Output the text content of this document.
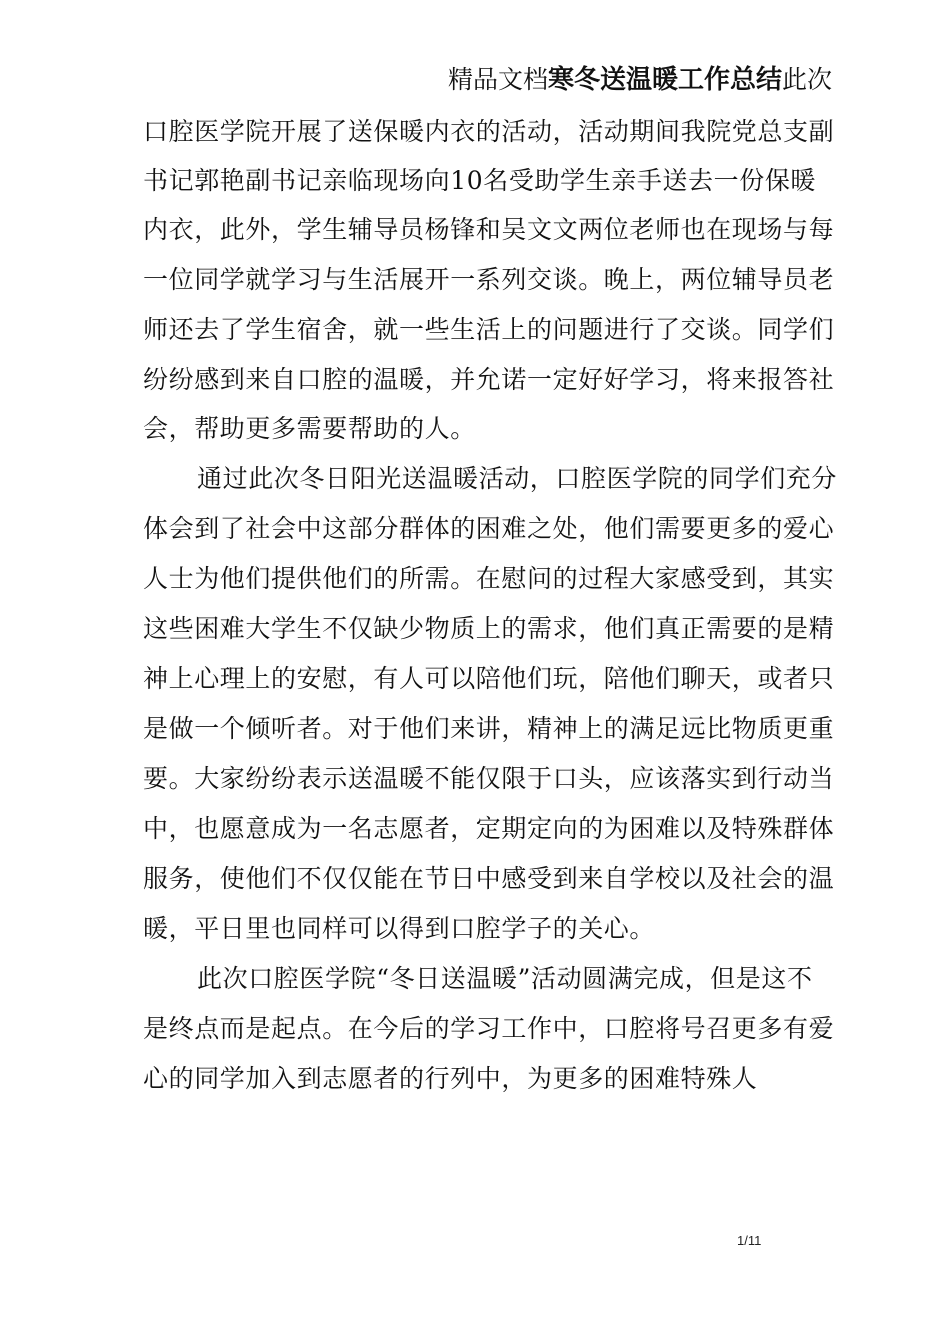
精品文档寒冬送温暖工作总结此次
口腔医学院开展了送保暖内衣的活动，活动期间我院党总支副
书记郭艳副书记亲临现场向10名受助学生亲手送去一份保暖
内衣，此外，学生辅导员杨锋和吴文文两位老师也在现场与每
一位同学就学习与生活展开一系列交谈。晚上，两位辅导员老
师还去了学生宿舍，就一些生活上的问题进行了交谈。同学们
纷纷感到来自口腔的温暖，并允诺一定好好学习，将来报答社
会，帮助更多需要帮助的人。
通过此次冬日阳光送温暖活动，口腔医学院的同学们充分
体会到了社会中这部分群体的困难之处，他们需要更多的爱心
人士为他们提供他们的所需。在慰问的过程大家感受到，其实
这些困难大学生不仅缺少物质上的需求，他们真正需要的是精
神上心理上的安慰，有人可以陪他们玩，陪他们聊天，或者只
是做一个倾听者。对于他们来讲，精神上的满足远比物质更重
要。大家纷纷表示送温暖不能仅限于口头，应该落实到行动当
中，也愿意成为一名志愿者，定期定向的为困难以及特殊群体
服务，使他们不仅仅能在节日中感受到来自学校以及社会的温
暖，平日里也同样可以得到口腔学子的关心。
此次口腔医学院“冬日送温暖”活动圆满完成，但是这不
是终点而是起点。在今后的学习工作中，口腔将号召更多有爱
心的同学加入到志愿者的行列中，为更多的困难特殊人
1/11
